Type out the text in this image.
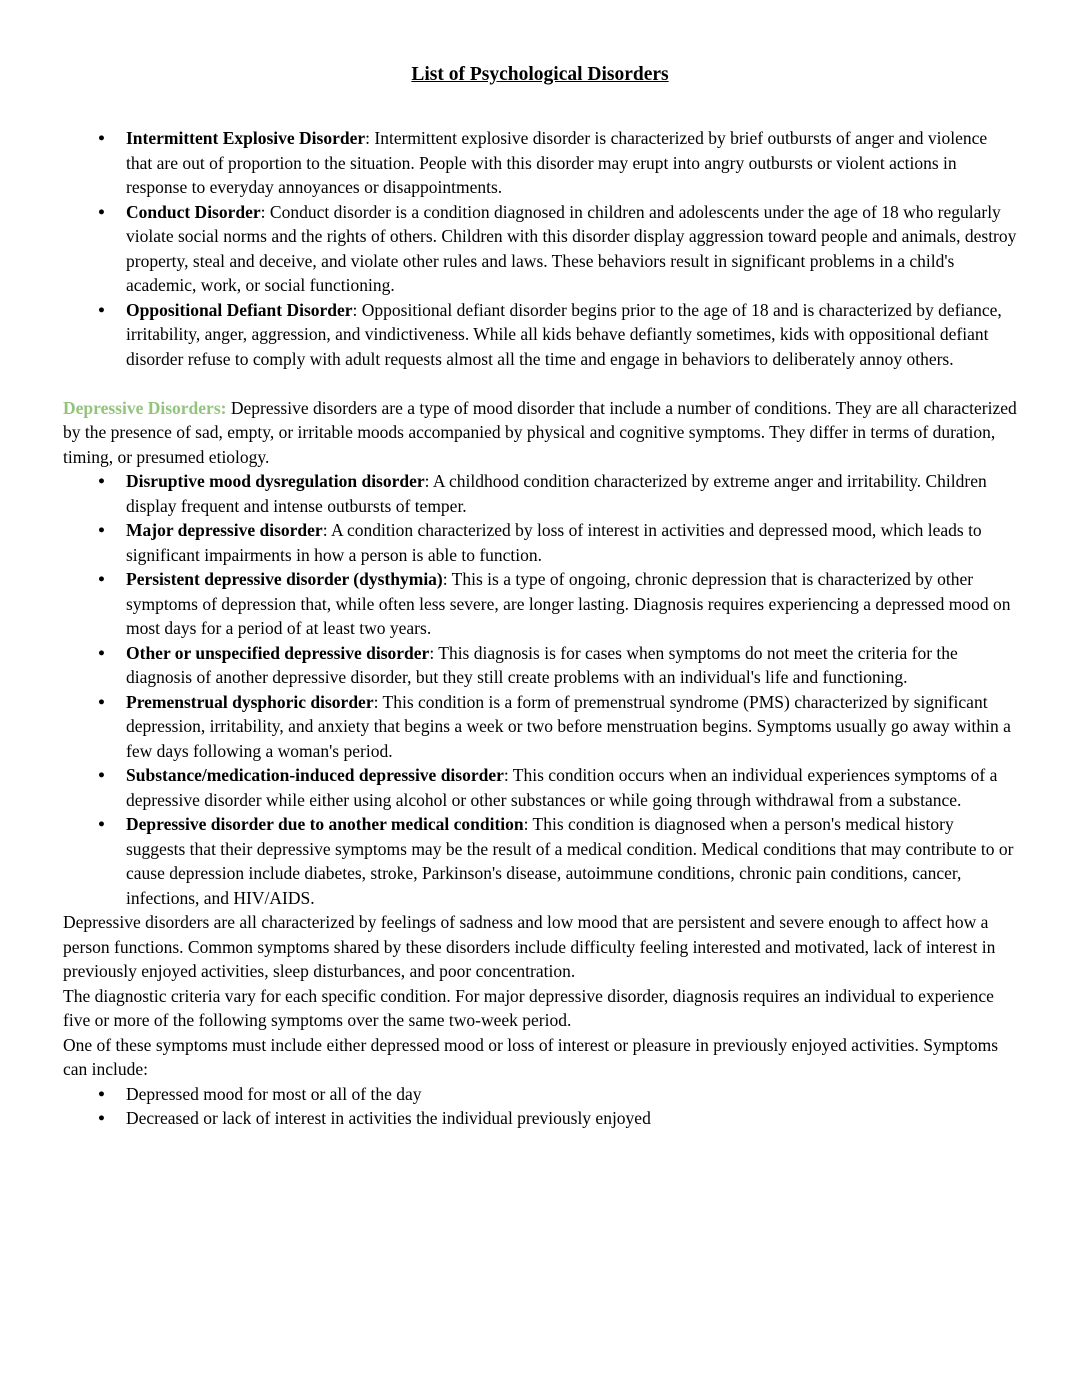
List of Psychological Disorders
● Intermittent Explosive Disorder: Intermittent explosive disorder is characterized by brief outbursts of anger and violence that are out of proportion to the situation. People with this disorder may erupt into angry outbursts or violent actions in response to everyday annoyances or disappointments.
● Conduct Disorder: Conduct disorder is a condition diagnosed in children and adolescents under the age of 18 who regularly violate social norms and the rights of others. Children with this disorder display aggression toward people and animals, destroy property, steal and deceive, and violate other rules and laws. These behaviors result in significant problems in a child's academic, work, or social functioning.
● Oppositional Defiant Disorder: Oppositional defiant disorder begins prior to the age of 18 and is characterized by defiance, irritability, anger, aggression, and vindictiveness. While all kids behave defiantly sometimes, kids with oppositional defiant disorder refuse to comply with adult requests almost all the time and engage in behaviors to deliberately annoy others.
Depressive Disorders: Depressive disorders are a type of mood disorder that include a number of conditions. They are all characterized by the presence of sad, empty, or irritable moods accompanied by physical and cognitive symptoms. They differ in terms of duration, timing, or presumed etiology.
● Disruptive mood dysregulation disorder: A childhood condition characterized by extreme anger and irritability. Children display frequent and intense outbursts of temper.
● Major depressive disorder: A condition characterized by loss of interest in activities and depressed mood, which leads to significant impairments in how a person is able to function.
● Persistent depressive disorder (dysthymia): This is a type of ongoing, chronic depression that is characterized by other symptoms of depression that, while often less severe, are longer lasting. Diagnosis requires experiencing a depressed mood on most days for a period of at least two years.
● Other or unspecified depressive disorder: This diagnosis is for cases when symptoms do not meet the criteria for the diagnosis of another depressive disorder, but they still create problems with an individual's life and functioning.
● Premenstrual dysphoric disorder: This condition is a form of premenstrual syndrome (PMS) characterized by significant depression, irritability, and anxiety that begins a week or two before menstruation begins. Symptoms usually go away within a few days following a woman's period.
● Substance/medication-induced depressive disorder: This condition occurs when an individual experiences symptoms of a depressive disorder while either using alcohol or other substances or while going through withdrawal from a substance.
● Depressive disorder due to another medical condition: This condition is diagnosed when a person's medical history suggests that their depressive symptoms may be the result of a medical condition. Medical conditions that may contribute to or cause depression include diabetes, stroke, Parkinson's disease, autoimmune conditions, chronic pain conditions, cancer, infections, and HIV/AIDS.
Depressive disorders are all characterized by feelings of sadness and low mood that are persistent and severe enough to affect how a person functions. Common symptoms shared by these disorders include difficulty feeling interested and motivated, lack of interest in previously enjoyed activities, sleep disturbances, and poor concentration.
The diagnostic criteria vary for each specific condition. For major depressive disorder, diagnosis requires an individual to experience five or more of the following symptoms over the same two-week period.
One of these symptoms must include either depressed mood or loss of interest or pleasure in previously enjoyed activities. Symptoms can include:
● Depressed mood for most or all of the day
● Decreased or lack of interest in activities the individual previously enjoyed
